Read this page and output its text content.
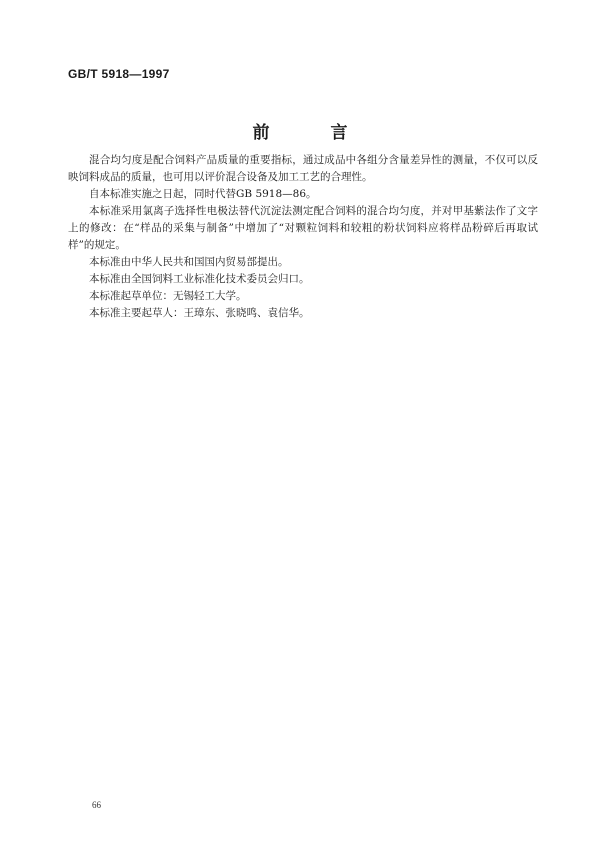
GB/T 5918—1997
前　言

混合均匀度是配合饲料产品质量的重要指标，通过成品中各组分含量差异性的测量，不仅可以反映饲料成品的质量，也可用以评价混合设备及加工工艺的合理性。

自本标准实施之日起，同时代替GB 5918—86。

本标准采用氯离子选择性电极法替代沉淀法测定配合饲料的混合均匀度，并对甲基紫法作了文字上的修改：在“样品的采集与制备”中增加了“对颗粒饲料和较粗的粉状饲料应将样品粉碎后再取试样”的规定。

本标准由中华人民共和国国内贸易部提出。

本标准由全国饲料工业标准化技术委员会归口。

本标准起草单位：无锡轻工大学。

本标准主要起草人：王璋东、张晓鸣、袁信华。

66
